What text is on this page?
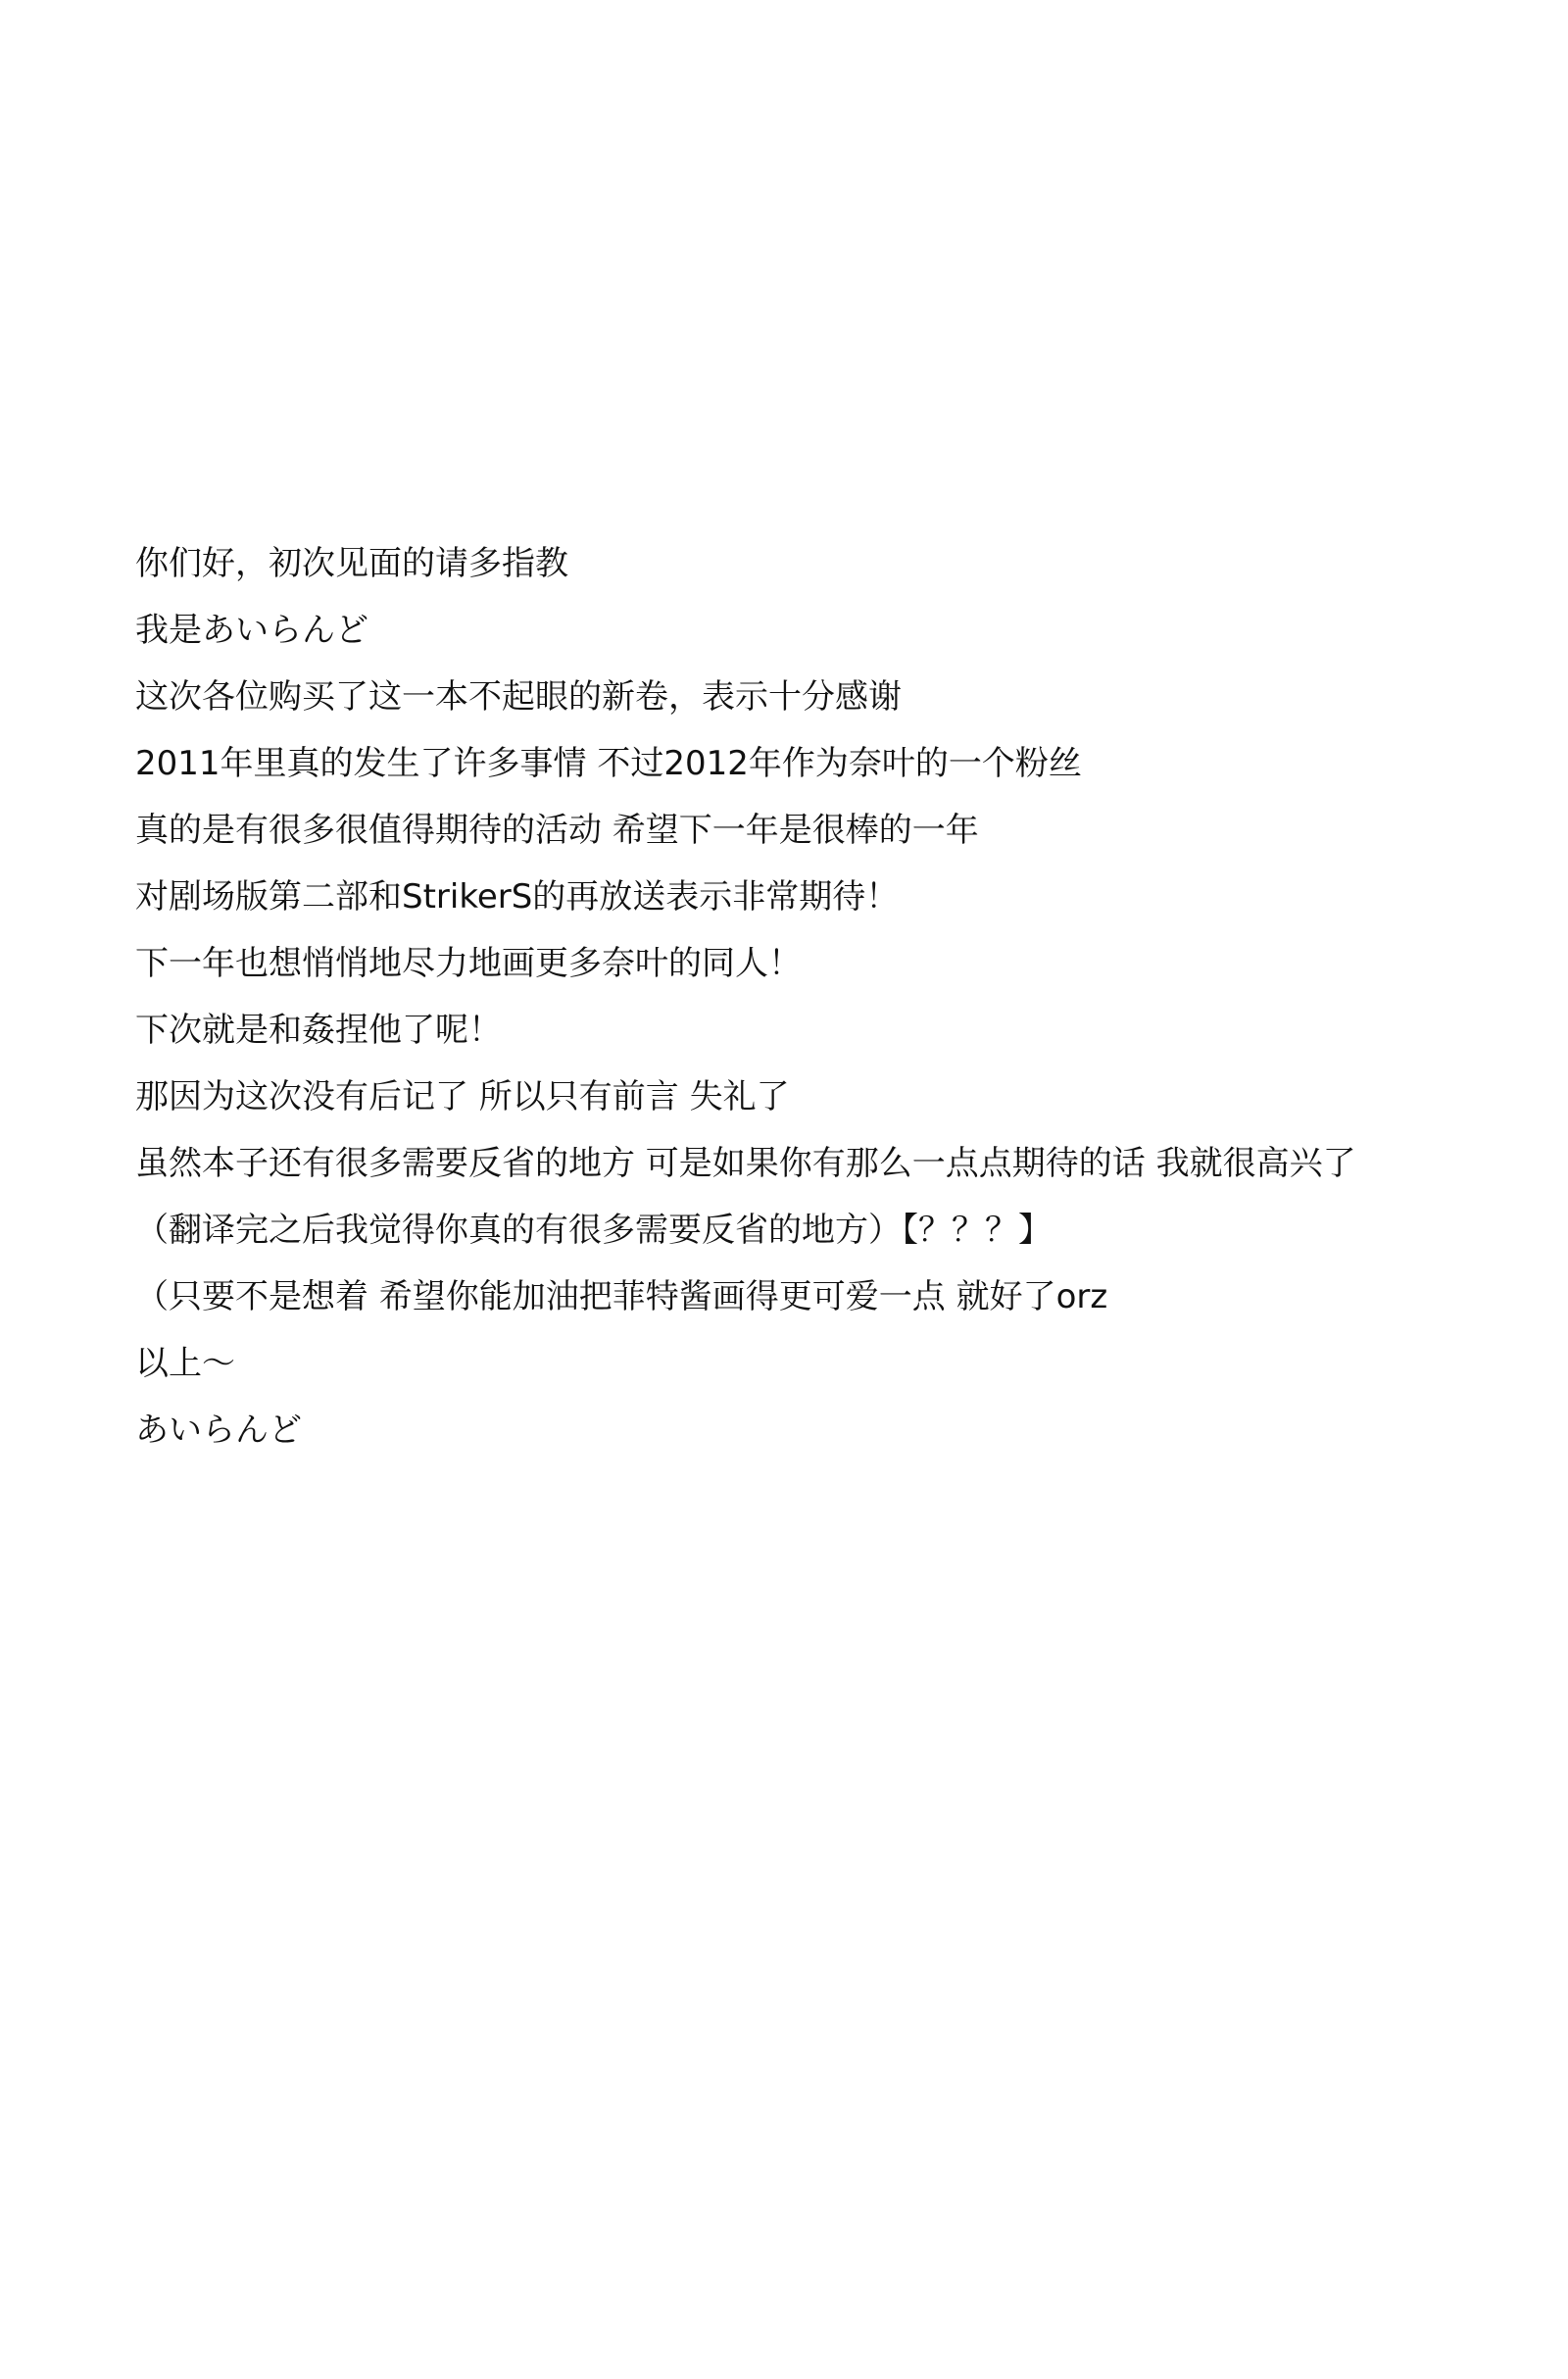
你们好，初次见面的请多指教
我是あいらんど
这次各位购买了这一本不起眼的新卷，表示十分感谢
2011年里真的发生了许多事情 不过2012年作为奈叶的一个粉丝
真的是有很多很值得期待的活动 希望下一年是很棒的一年
对剧场版第二部和StrikerS的再放送表示非常期待！
下一年也想悄悄地尽力地画更多奈叶的同人！
下次就是和姦捏他了呢！
那因为这次没有后记了 所以只有前言 失礼了
虽然本子还有很多需要反省的地方 可是如果你有那么一点点期待的话 我就很高兴了
（翻译完之后我觉得你真的有很多需要反省的地方）【？？？】
（只要不是想着 希望你能加油把菲特酱画得更可爱一点 就好了orz
以上～
あいらんど
